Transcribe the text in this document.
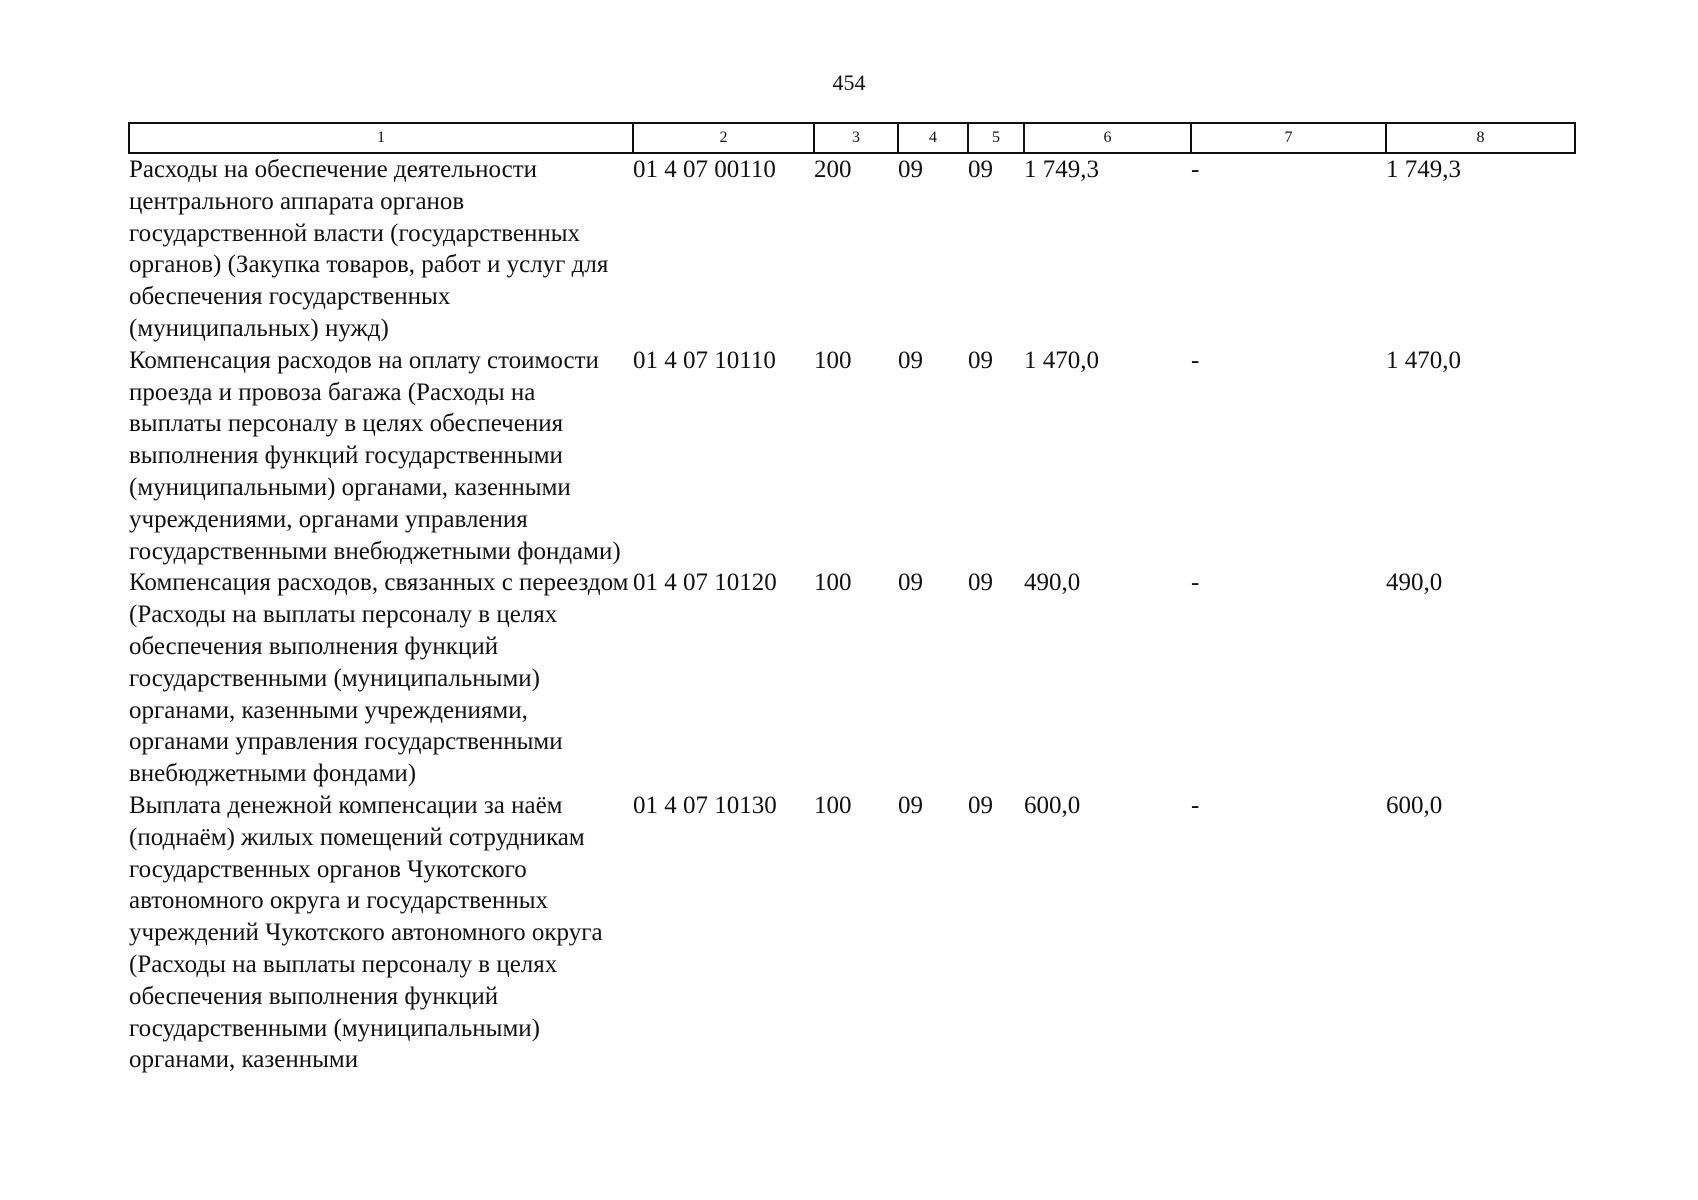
454
1	2	3	4	5	6	7	8
Расходы на обеспечение деятельности центрального аппарата органов государственной власти (государственных органов) (Закупка товаров, работ и услуг для обеспечения государственных (муниципальных) нужд)	01 4 07 00110	200	09	09	1 749,3	-	1 749,3
Компенсация расходов на оплату стоимости проезда и провоза багажа (Расходы на выплаты персоналу в целях обеспечения выполнения функций государственными (муниципальными) органами, казенными учреждениями, органами управления государственными внебюджетными фондами)	01 4 07 10110	100	09	09	1 470,0	-	1 470,0
Компенсация расходов, связанных с переездом (Расходы на выплаты персоналу в целях обеспечения выполнения функций государственными (муниципальными) органами, казенными учреждениями, органами управления государственными внебюджетными фондами)	01 4 07 10120	100	09	09	490,0	-	490,0
Выплата денежной компенсации за наём (поднаём) жилых помещений сотрудникам государственных органов Чукотского автономного округа и государственных учреждений Чукотского автономного округа (Расходы на выплаты персоналу в целях обеспечения выполнения функций государственными (муниципальными) органами, казенными	01 4 07 10130	100	09	09	600,0	-	600,0
